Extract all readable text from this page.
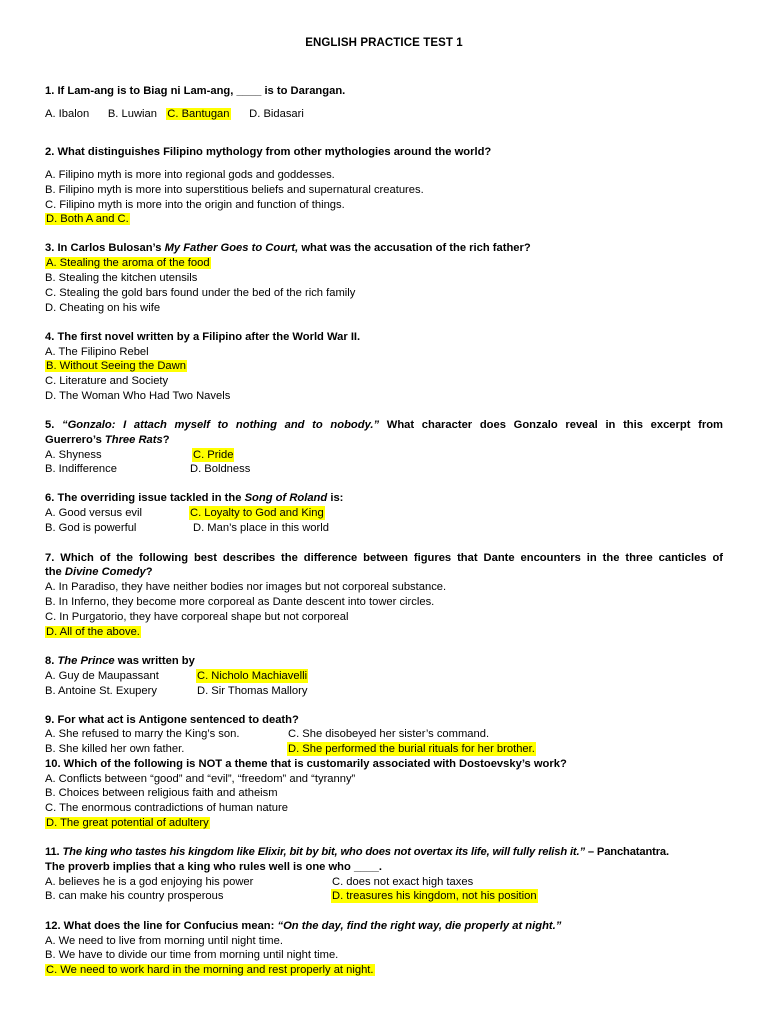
ENGLISH PRACTICE TEST 1
1. If Lam-ang is to Biag ni Lam-ang, ____ is to Darangan.
A. Ibalon B. Luwian C. Bantugan D. Bidasari
2. What distinguishes Filipino mythology from other mythologies around the world?
A. Filipino myth is more into regional gods and goddesses.
B. Filipino myth is more into superstitious beliefs and supernatural creatures.
C. Filipino myth is more into the origin and function of things.
D. Both A and C.
3. In Carlos Bulosan’s My Father Goes to Court, what was the accusation of the rich father?
A. Stealing the aroma of the food
B. Stealing the kitchen utensils
C. Stealing the gold bars found under the bed of the rich family
D. Cheating on his wife
4. The first novel written by a Filipino after the World War II.
A. The Filipino Rebel
B. Without Seeing the Dawn
C. Literature and Society
D. The Woman Who Had Two Navels
5. “Gonzalo: I attach myself to nothing and to nobody.” What character does Gonzalo reveal in this excerpt from
Guerrero’s Three Rats?
A. Shyness	C. Pride
B. Indifference	D. Boldness
6. The overriding issue tackled in the Song of Roland is:
A. Good versus evil	C. Loyalty to God and King
B. God is powerful	D. Man’s place in this world
7. Which of the following best describes the difference between figures that Dante encounters in the three canticles of
the Divine Comedy?
A. In Paradiso, they have neither bodies nor images but not corporeal substance.
B. In Inferno, they become more corporeal as Dante descent into tower circles.
C. In Purgatorio, they have corporeal shape but not corporeal
D. All of the above.
8. The Prince was written by
A. Guy de Maupassant	C. Nicholo Machiavelli
B. Antoine St. Exupery	D. Sir Thomas Mallory
9. For what act is Antigone sentenced to death?
A. She refused to marry the King’s son.	C. She disobeyed her sister’s command.
B. She killed her own father.	D. She performed the burial rituals for her brother.
10. Which of the following is NOT a theme that is customarily associated with Dostoevsky’s work?
A. Conflicts between “good” and “evil”, “freedom” and “tyranny”
B. Choices between religious faith and atheism
C. The enormous contradictions of human nature
D. The great potential of adultery
11. The king who tastes his kingdom like Elixir, bit by bit, who does not overtax its life, will fully relish it.” – Panchatantra.
The proverb implies that a king who rules well is one who ____.
A. believes he is a god enjoying his power	C. does not exact high taxes
B. can make his country prosperous	D. treasures his kingdom, not his position
12. What does the line for Confucius mean: “On the day, find the right way, die properly at night.”
A. We need to live from morning until night time.
B. We have to divide our time from morning until night time.
C. We need to work hard in the morning and rest properly at night.
